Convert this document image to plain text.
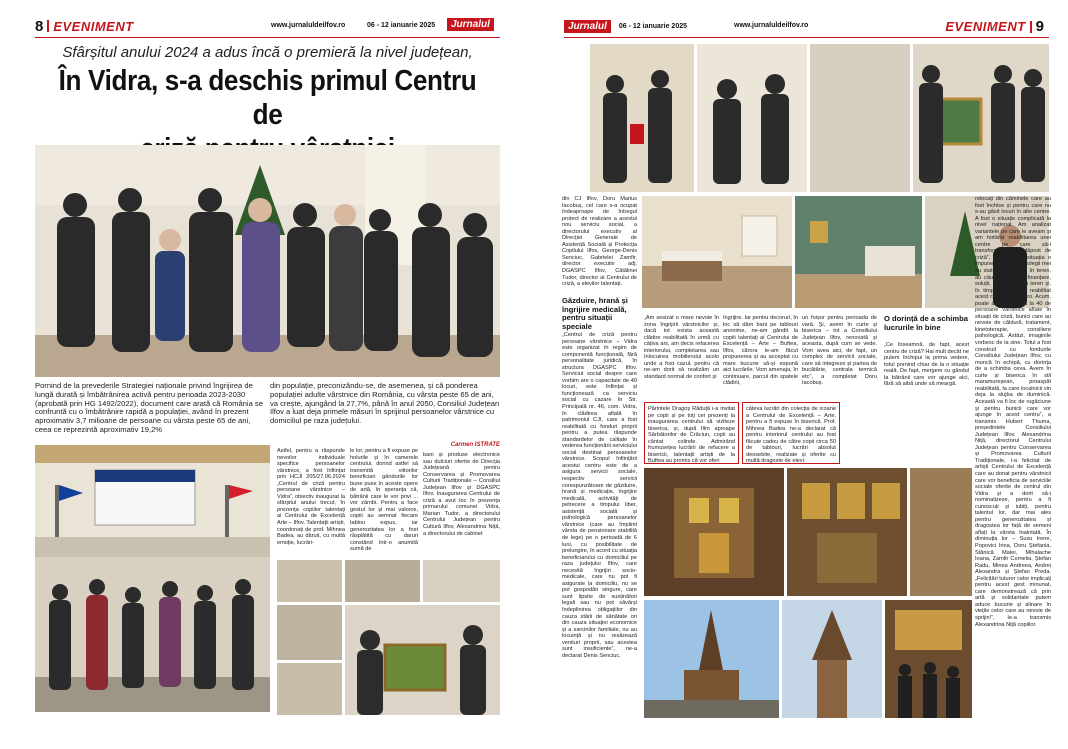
8 EVENIMENT	www.jurnaluldeilfov.ro	06 - 12 ianuarie 2025	Jurnalul
Sfârșitul anului 2024 a adus încă o premieră la nivel județean,
În Vidra, s-a deschis primul Centru de
Pornind de la prevederile Strategiei naționale privind îngrijirea de lungă durată și îmbătrânirea activă pentru perioada 2023-2030 (aprobată prin HG 1492/2022), document care arată că România se confruntă cu o îmbătrânire rapidă a populației, având în prezent aproximativ 3,7 milioane de persoane cu vârsta peste 65 de ani, ceea ce reprezintă aproximativ 19,2%
din populație, preconizându-se, de asemenea, și că ponderea populației adulte vârstnice din România, cu vârsta peste 65 de ani, va crește, ajungând la 27,7%, până în anul 2050, Consiliul Județean Ilfov a luat deja primele măsuri în sprijinul persoanelor vârstnice cu domiciliul pe raza județului.
Astfel, pentru a răspunde nevoilor individuale specifice persoanelor vârstnice, a fost înființat prin HCJI 205/27.06.2024 „Centrul de criză pentru persoane vârstnice – Vidra”, obiectiv inaugurat la sfârșitul anului trecut, în prezența copiilor talentați ai Centrului de Excelență Arte – Ilfov. Talentații artiști, coordonați de prof. Mihnea Badea, au dăruit, cu multă emoție, lucrări-
le lor, pentru a fi expuse pe holurile și în camerele centrului, dorind astfel să transmită viitorilor beneficiari gândurile lor bune puse în aceste opere de artă, în speranța că, bătrânii care le vor privi ... vor zâmbi. Pentru a face gestul lor și mai valoros, copiii au semnat fiecare tablou expus, iar generozitatea lor a fost răsplătită cu daruri constând într-o anumită sumă de
Carmen ISTRATE
bani și produse electronice sau dulciuri oferite de Direcția Județeană pentru Conservarea și Promovarea Culturii Tradiționale – Consiliul Județean Ilfov și DGASPC Ilfov. Inaugurarea Centrului de criză a avut loc în prezența primarului comunei Vidra, Marian Tudor, a directorului Centrului Județean pentru Cultură Ilfov, Alexandrina Niță, a directorului de cabinet
Jurnalul	06 - 12 ianuarie 2025	www.jurnaluldeilfov.ro	EVENIMENT 9
din CJ Ilfov, Doru Marius Iacobuș, cel care s-a ocupat îndeaproape de întregul proiect de realizare a acestui nou serviciu social, a directorului executiv al Direcției Generale de Asistență Socială și Protecția Copilului Ilfov, George-Denis Senciuc, Gabrielei Zamfir, director executiv adj. DGASPC Ilfov, Cătălinei Tudor, director al Centrului de criză, a elevilor talentați.
Găzduire, hrană și îngrijire medicală, pentru situații speciale
„Centrul de criză pentru persoane vârstnice – Vidra este organizat în regim de componentă funcțională, fără personalitate juridică, în structura DGASPC Ilfov. Serviciul social despre care vorbim are o capacitate de 40 locuri, este înființat și funcționează ca serviciu social cu cazare în Str. Principală nr. 46, com. Vidra, în clădirea aflată în patrimoniul CJI, care a fost reabilitată cu fonduri proprii pentru a putea răspunde standardelor de calitate în vederea funcționării serviciului social destinat persoanelor vârstnice. Scopul înființării acestui centru este de a asigura servicii sociale, respectiv servicii corespunzătoare de găzduire, hrană și medicație, îngrijire medicală, activități de petrecere a timpului liber, asistență socială și psihologică persoanelor vârstnice (care au împlinit vârsta de pensionare stabilită de lege) pe o perioadă de 6 luni, cu posibilitate de prelungire, în acord cu situația beneficiarului cu domiciliul pe raza județului Ilfov, care necesită îngrijiri socio-medicale, care nu pot fi asigurate la domiciliu, nu se pot gospodări singure, care sunt lipsite de susținători legali sau nu pot săvârși îndeplinirea obligațiilor din cauza stării de sănătate ori din cauza situației economice și a sarcinilor familiale, nu au locuință și nu realizează venituri proprii, sau acestea sunt insuficiente”, ne-a declarat Denis Senciuc.
„Am sesizat o mare nevoie în zona îngrijirii vârstnicilor și, dacă tot exista această clădire reabilitată în urmă cu câțiva ani, am decis refacerea interiorului, completarea sau înlocuirea mobilierului acolo unde a fost cazul, pentru că ne-am dorit să realizăm un standard normal de confort și
îngrijire. Iar pentru decoruri, în loc să dăm bani pe tablouri anonime, ne-am gândit la copiii talentați ai Centrului de Excelență – Arte – Buftea, Ilfov, cărora le-am făcut propunerea și au acceptat cu mare bucurie să-și expună aici lucrările. Vom amenaja, în continuare, parcul din spatele clădirii,
un foișor pentru perioada de vară. Și, avem în curte și biserica – tot a Consiliului Județean Ilfov, renovată și aceasta, după cum se vede. Vom avea aici, de fapt, un complex de servicii sociale, care să integreze și partea de bucătărie, centrala termică etc”, a completat Doru Iacobuș.
Părintele Dragoș Răduță i-a invitat pe copii și pe toți cei prezenți la inaugurarea centrului să viziteze biserica, și, după film aproape Sărbătorilor de Crăciun, copii au cântat colinde. Admirând frumusețea lucrării de refacere a bisericii, talentații artiști de la Buftea au promis că vor oferi
câteva lucrări din colecția de icoane a Centrului de Excelență – Arte, pentru a fi expuse în biserică. Prof. Mihnea Badea ne-a declarat că pentru interiorul centrului au fost făcute cadou de către copii circa 50 de tablouri, lucrări absolut deosebite, realizate și oferite cu multă dragoste de elevi.
O dorință de a schimba lucrurile în bine
„Ce înseamnă, de fapt, acest centru de criză? Hai mult decât ne putem închipui la prima vedere, totul pornind chiar de la o situație reală. De fapt, mergem cu gândul la bătrânii care vor ajunge aici, fără să aibă unde să meargă.
relocați din căminele care au fost închise și pentru care nu s-au găsit locuri în alte centre. A fost o situație complicată la nivel național. Am analizat variantele pe care le aveam și am hotărât reabilitarea unei centre pe care să-l transformăm în „adăpost de criză”, atunci când situația o impune. Am atunci, colegii mei au stat și pe noapte în teren, au căutat surse de finanțare, soluții, echipe pentru teren și, în timp record, am reabilitat acest centru de la zero. Acum, poate adăposti până la 40 de persoane vârstnice aflate în situații de criză, bunici care au nevoie de căldură, tratament, kinetoterapie, consiliere psihologică. Astăzi, imaginile vorbesc de la sine. Totul a fost construit cu fondurile Consiliului Județean Ilfov, cu muncă în echipă, cu dorința de a schimba ceva. Avem în curte și biserica în stil maramureșean, proaspăt reabilitată, la care localnicii vin deja la slujba de duminică. Această va fi loc de rugăciune și pentru bunicii care vor ajunge în acest centru”, a transmis Hubert Thuma, președintele Consiliului Județean Ilfov. Alexandrina Niță, directorul Centrului Județean pentru Conservarea și Promovarea Culturii Tradiționale, i-a felicitat de artiști Centrului de Excelență care au donat pentru vârstnicii care vor beneficia de serviciile sociale oferite de centrul din Vidra și a dorit să-i nominalizeze, pentru a fi cunoscuți și iubiți, pentru talentul lor, dar mai ales pentru generozitatea și dragostea lor față de semeni aflați la vârsta înaintată. În diminuția lor – Susu Irene, Popovici Irina, Doru Ștefania, Stănică Matei, Mihalache Ioana, Zamfir Cornelia, Ștefan Radu, Minea Andreea, Andrei Alexandra și Ștefan Preda. „Felicitări tuturor celor implicați pentru acest gest minunat, care demonstrează că prin artă și solidaritate putem aduce bucurie și alinare în viețile celor care au nevoie de sprijin!”, le-a transmis Alexandrina Niță copiilor.
